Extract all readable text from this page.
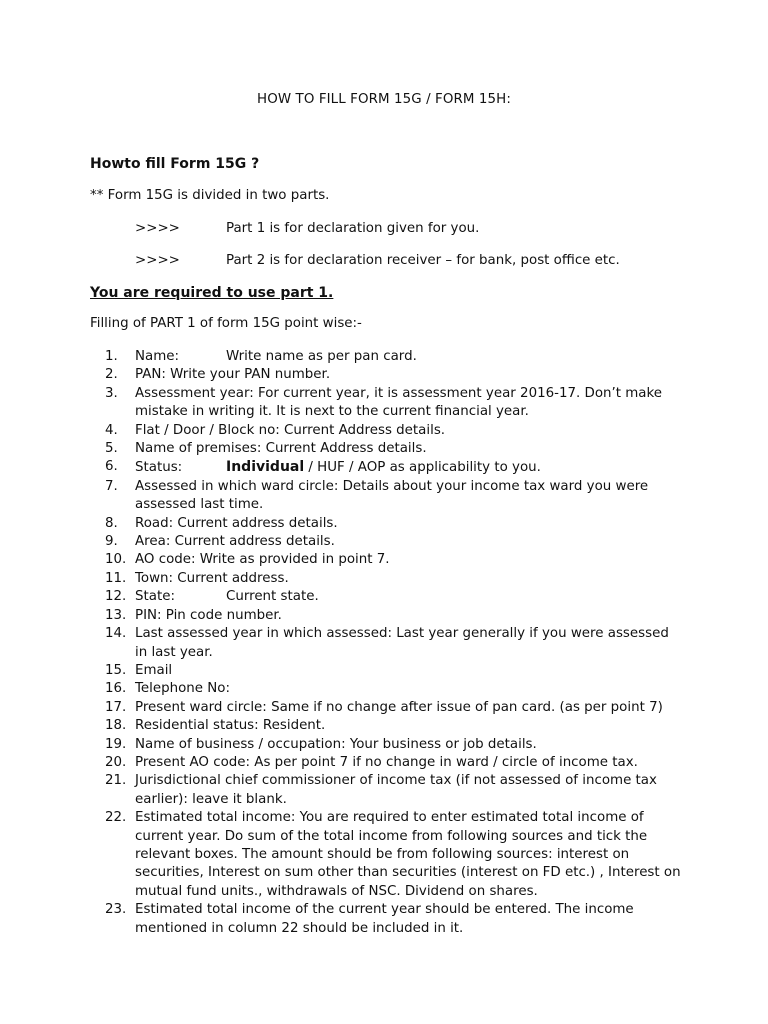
HOW TO FILL FORM 15G / FORM 15H:
Howto fill Form 15G ?
** Form 15G is divided in two parts.
>>>>	Part 1 is for declaration given for you.
>>>>	Part 2 is for declaration receiver – for bank, post office etc.
You are required to use part 1.
Filling of PART 1 of form 15G point wise:-
1.	Name:	Write name as per pan card.
2.	PAN: Write your PAN number.
3.	Assessment year: For current year, it is assessment year 2016-17. Don’t make mistake in writing it. It is next to the current financial year.
4.	Flat / Door / Block no: Current Address details.
5.	Name of premises: Current Address details.
6.	Status:	Individual / HUF / AOP as applicability to you.
7.	Assessed in which ward circle: Details about your income tax ward you were assessed last time.
8.	Road: Current address details.
9.	Area: Current address details.
10. AO code: Write as provided in point 7.
11. Town: Current address.
12. State:	Current state.
13. PIN: Pin code number.
14. Last assessed year in which assessed: Last year generally if you were assessed in last year.
15. Email
16. Telephone No:
17. Present ward circle: Same if no change after issue of pan card. (as per point 7)
18. Residential status: Resident.
19. Name of business / occupation: Your business or job details.
20. Present AO code: As per point 7 if no change in ward / circle of income tax.
21. Jurisdictional chief commissioner of income tax (if not assessed of income tax earlier): leave it blank.
22. Estimated total income: You are required to enter estimated total income of current year. Do sum of the total income from following sources and tick the relevant boxes. The amount should be from following sources: interest on securities, Interest on sum other than securities (interest on FD etc.) , Interest on mutual fund units., withdrawals of NSC. Dividend on shares.
23. Estimated total income of the current year should be entered. The income mentioned in column 22 should be included in it.
